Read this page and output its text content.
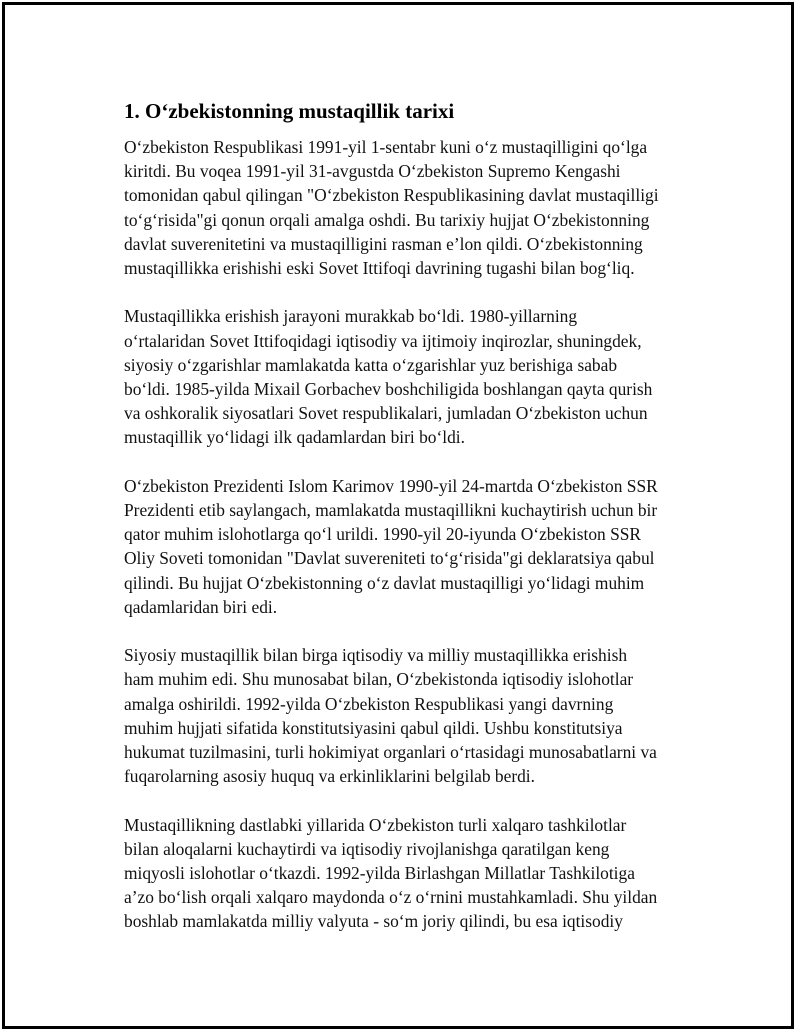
1. O‘zbekistonning mustaqillik tarixi

O‘zbekiston Respublikasi 1991-yil 1-sentabr kuni o‘z mustaqilligini qo‘lga
kiritdi. Bu voqea 1991-yil 31-avgustda O‘zbekiston Supremo Kengashi
tomonidan qabul qilingan "O‘zbekiston Respublikasining davlat mustaqilligi
to‘g‘risida"gi qonun orqali amalga oshdi. Bu tarixiy hujjat O‘zbekistonning
davlat suverenitetini va mustaqilligini rasman e’lon qildi. O‘zbekistonning
mustaqillikka erishishi eski Sovet Ittifoqi davrining tugashi bilan bog‘liq.

Mustaqillikka erishish jarayoni murakkab bo‘ldi. 1980-yillarning
o‘rtalaridan Sovet Ittifoqidagi iqtisodiy va ijtimoiy inqirozlar, shuningdek,
siyosiy o‘zgarishlar mamlakatda katta o‘zgarishlar yuz berishiga sabab
bo‘ldi. 1985-yilda Mixail Gorbachev boshchiligida boshlangan qayta qurish
va oshkoralik siyosatlari Sovet respublikalari, jumladan O‘zbekiston uchun
mustaqillik yo‘lidagi ilk qadamlardan biri bo‘ldi.

O‘zbekiston Prezidenti Islom Karimov 1990-yil 24-martda O‘zbekiston SSR
Prezidenti etib saylangach, mamlakatda mustaqillikni kuchaytirish uchun bir
qator muhim islohotlarga qo‘l urildi. 1990-yil 20-iyunda O‘zbekiston SSR
Oliy Soveti tomonidan "Davlat suvereniteti to‘g‘risida"gi deklaratsiya qabul
qilindi. Bu hujjat O‘zbekistonning o‘z davlat mustaqilligi yo‘lidagi muhim
qadamlaridan biri edi.

Siyosiy mustaqillik bilan birga iqtisodiy va milliy mustaqillikka erishish
ham muhim edi. Shu munosabat bilan, O‘zbekistonda iqtisodiy islohotlar
amalga oshirildi. 1992-yilda O‘zbekiston Respublikasi yangi davrning
muhim hujjati sifatida konstitutsiyasini qabul qildi. Ushbu konstitutsiya
hukumat tuzilmasini, turli hokimiyat organlari o‘rtasidagi munosabatlarni va
fuqarolarning asosiy huquq va erkinliklarini belgilab berdi.

Mustaqillikning dastlabki yillarida O‘zbekiston turli xalqaro tashkilotlar
bilan aloqalarni kuchaytirdi va iqtisodiy rivojlanishga qaratilgan keng
miqyosli islohotlar o‘tkazdi. 1992-yilda Birlashgan Millatlar Tashkilotiga
a’zo bo‘lish orqali xalqaro maydonda o‘z o‘rnini mustahkamladi. Shu yildan
boshlab mamlakatda milliy valyuta - so‘m joriy qilindi, bu esa iqtisodiy
